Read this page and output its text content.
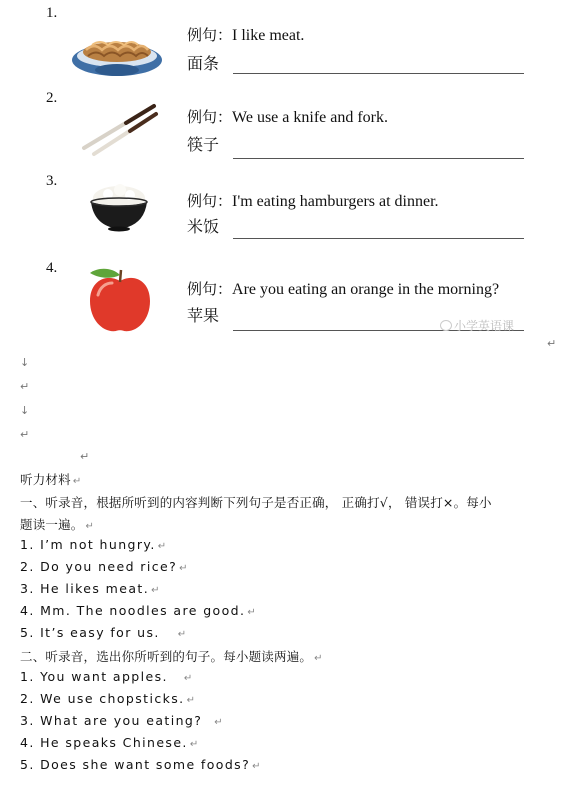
1.
例句：I like meat.
面条
2.
例句：We use a knife and fork.
筷子
3.
例句：I'm eating hamburgers at dinner.
米饭
4.
例句：Are you eating an orange in the morning?
苹果
小学英语课
↵
↓
↵
↓
↵
↵
听力材料 ↵
一、听录音，根据所听到的内容判断下列句子是否正确， 正确打√， 错误打×。每小
题读一遍。 ↵
1. I’m not hungry. ↵
2. Do you need rice? ↵
3. He likes meat. ↵
4. Mm. The noodles are good. ↵
5. It’s easy for us. ↵
二、听录音，选出你所听到的句子。每小题读两遍。 ↵
1. You want apples. ↵
2. We use chopsticks. ↵
3. What are you eating? ↵
4. He speaks Chinese. ↵
5. Does she want some foods? ↵
